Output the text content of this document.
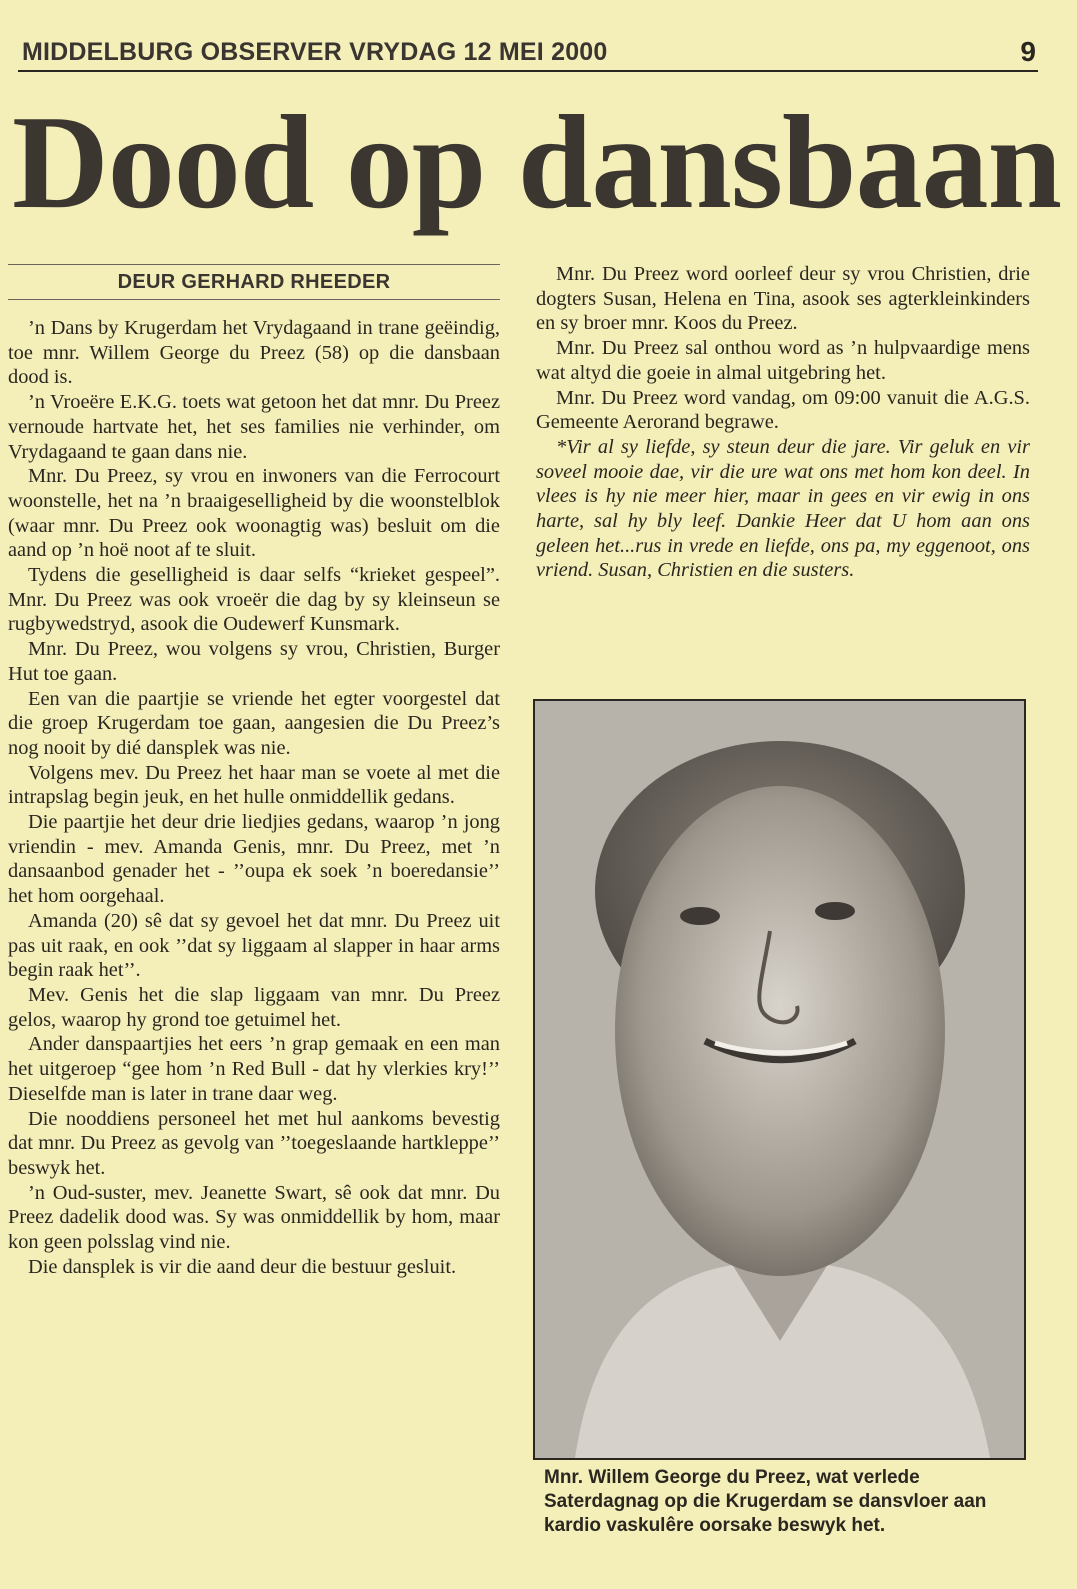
MIDDELBURG OBSERVER VRYDAG 12 MEI 2000	9
Dood op dansbaan
DEUR GERHARD RHEEDER

’n Dans by Krugerdam het Vrydagaand in trane geëindig, toe mnr. Willem George du Preez (58) op die dansbaan dood is.

’n Vroeëre E.K.G. toets wat getoon het dat mnr. Du Preez vernoude hartvate het, het ses families nie verhinder, om Vrydagaand te gaan dans nie.

Mnr. Du Preez, sy vrou en inwoners van die Ferrocourt woonstelle, het na ’n braaigeselligheid by die woonstelblok (waar mnr. Du Preez ook woonagtig was) besluit om die aand op ’n hoë noot af te sluit.

Tydens die geselligheid is daar selfs “krieket gespeel”. Mnr. Du Preez was ook vroeër die dag by sy kleinseun se rugbywedstryd, asook die Oudewerf Kunsmark.

Mnr. Du Preez, wou volgens sy vrou, Christien, Burger Hut toe gaan.

Een van die paartjie se vriende het egter voorgestel dat die groep Krugerdam toe gaan, aangesien die Du Preez’s nog nooit by dié dansplek was nie.

Volgens mev. Du Preez het haar man se voete al met die intrapslag begin jeuk, en het hulle onmiddellik gedans.

Die paartjie het deur drie liedjies gedans, waarop ’n jong vriendin - mev. Amanda Genis, mnr. Du Preez, met ’n dansaanbod genader het - ’’oupa ek soek ’n boeredansie’’ het hom oorgehaal.

Amanda (20) sê dat sy gevoel het dat mnr. Du Preez uit pas uit raak, en ook ’’dat sy liggaam al slapper in haar arms begin raak het’’.

Mev. Genis het die slap liggaam van mnr. Du Preez gelos, waarop hy grond toe getuimel het.

Ander danspaartjies het eers ’n grap gemaak en een man het uitgeroep “gee hom ’n Red Bull - dat hy vlerkies kry!’’ Dieselfde man is later in trane daar weg.

Die nooddiens personeel het met hul aankoms bevestig dat mnr. Du Preez as gevolg van ’’toegeslaande hartkleppe’’ beswyk het.

’n Oud-suster, mev. Jeanette Swart, sê ook dat mnr. Du Preez dadelik dood was. Sy was onmiddellik by hom, maar kon geen polsslag vind nie.

Die dansplek is vir die aand deur die bestuur gesluit.

Mnr. Du Preez word oorleef deur sy vrou Christien, drie dogters Susan, Helena en Tina, asook ses agterkleinkinders en sy broer mnr. Koos du Preez.

Mnr. Du Preez sal onthou word as ’n hulpvaardige mens wat altyd die goeie in almal uitgebring het.

Mnr. Du Preez word vandag, om 09:00 vanuit die A.G.S. Gemeente Aerorand begrawe.

*Vir al sy liefde, sy steun deur die jare. Vir geluk en vir soveel mooie dae, vir die ure wat ons met hom kon deel. In vlees is hy nie meer hier, maar in gees en vir ewig in ons harte, sal hy bly leef. Dankie Heer dat U hom aan ons geleen het...rus in vrede en liefde, ons pa, my eggenoot, ons vriend. Susan, Christien en die susters.

Mnr. Willem George du Preez, wat verlede Saterdagnag op die Krugerdam se dansvloer aan kardio vaskulêre oorsake beswyk het.
